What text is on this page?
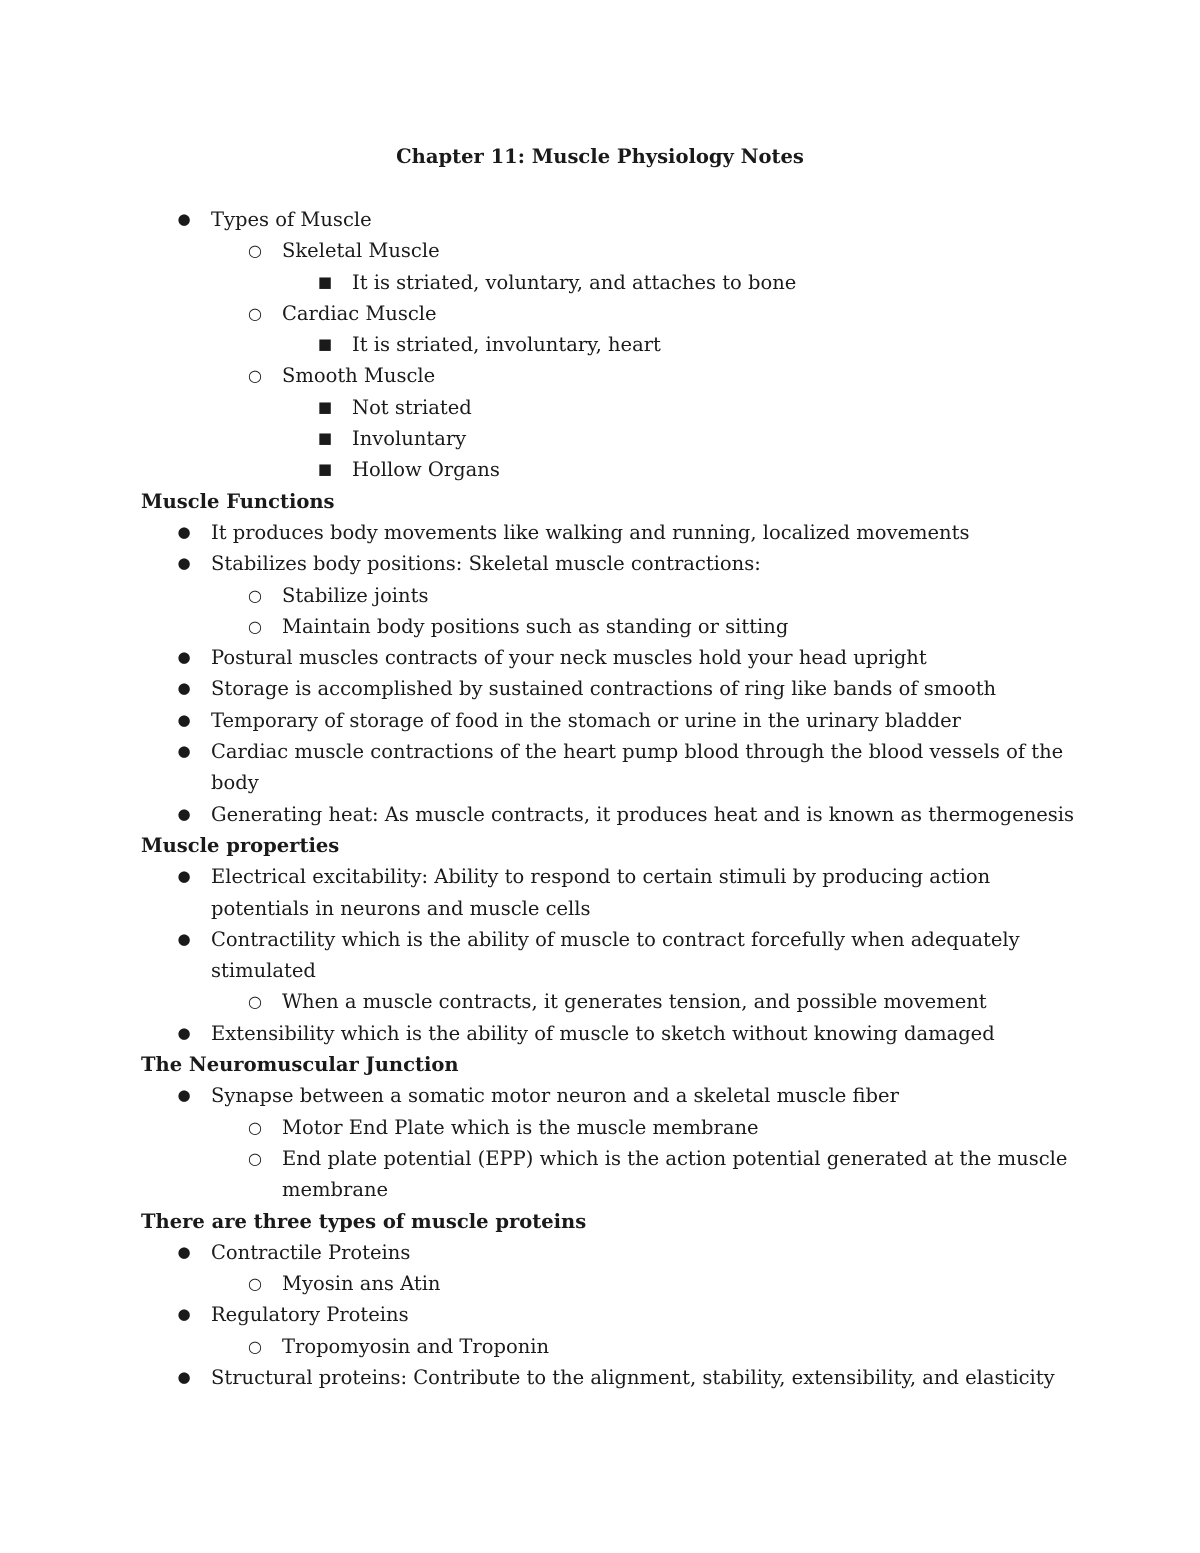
Chapter 11: Muscle Physiology Notes
● Types of Muscle
○ Skeletal Muscle
■ It is striated, voluntary, and attaches to bone
○ Cardiac Muscle
■ It is striated, involuntary, heart
○ Smooth Muscle
■ Not striated
■ Involuntary
■ Hollow Organs

Muscle Functions

● It produces body movements like walking and running, localized movements
● Stabilizes body positions: Skeletal muscle contractions:
○ Stabilize joints
○ Maintain body positions such as standing or sitting
● Postural muscles contracts of your neck muscles hold your head upright
● Storage is accomplished by sustained contractions of ring like bands of smooth
● Temporary of storage of food in the stomach or urine in the urinary bladder
● Cardiac muscle contractions of the heart pump blood through the blood vessels of the body
● Generating heat: As muscle contracts, it produces heat and is known as thermogenesis

Muscle properties

● Electrical excitability: Ability to respond to certain stimuli by producing action potentials in neurons and muscle cells
● Contractility which is the ability of muscle to contract forcefully when adequately stimulated
○ When a muscle contracts, it generates tension, and possible movement
● Extensibility which is the ability of muscle to sketch without knowing damaged

The Neuromuscular Junction

● Synapse between a somatic motor neuron and a skeletal muscle fiber
○ Motor End Plate which is the muscle membrane
○ End plate potential (EPP) which is the action potential generated at the muscle membrane

There are three types of muscle proteins

● Contractile Proteins
○ Myosin ans Atin
● Regulatory Proteins
○ Tropomyosin and Troponin
● Structural proteins: Contribute to the alignment, stability, extensibility, and elasticity
